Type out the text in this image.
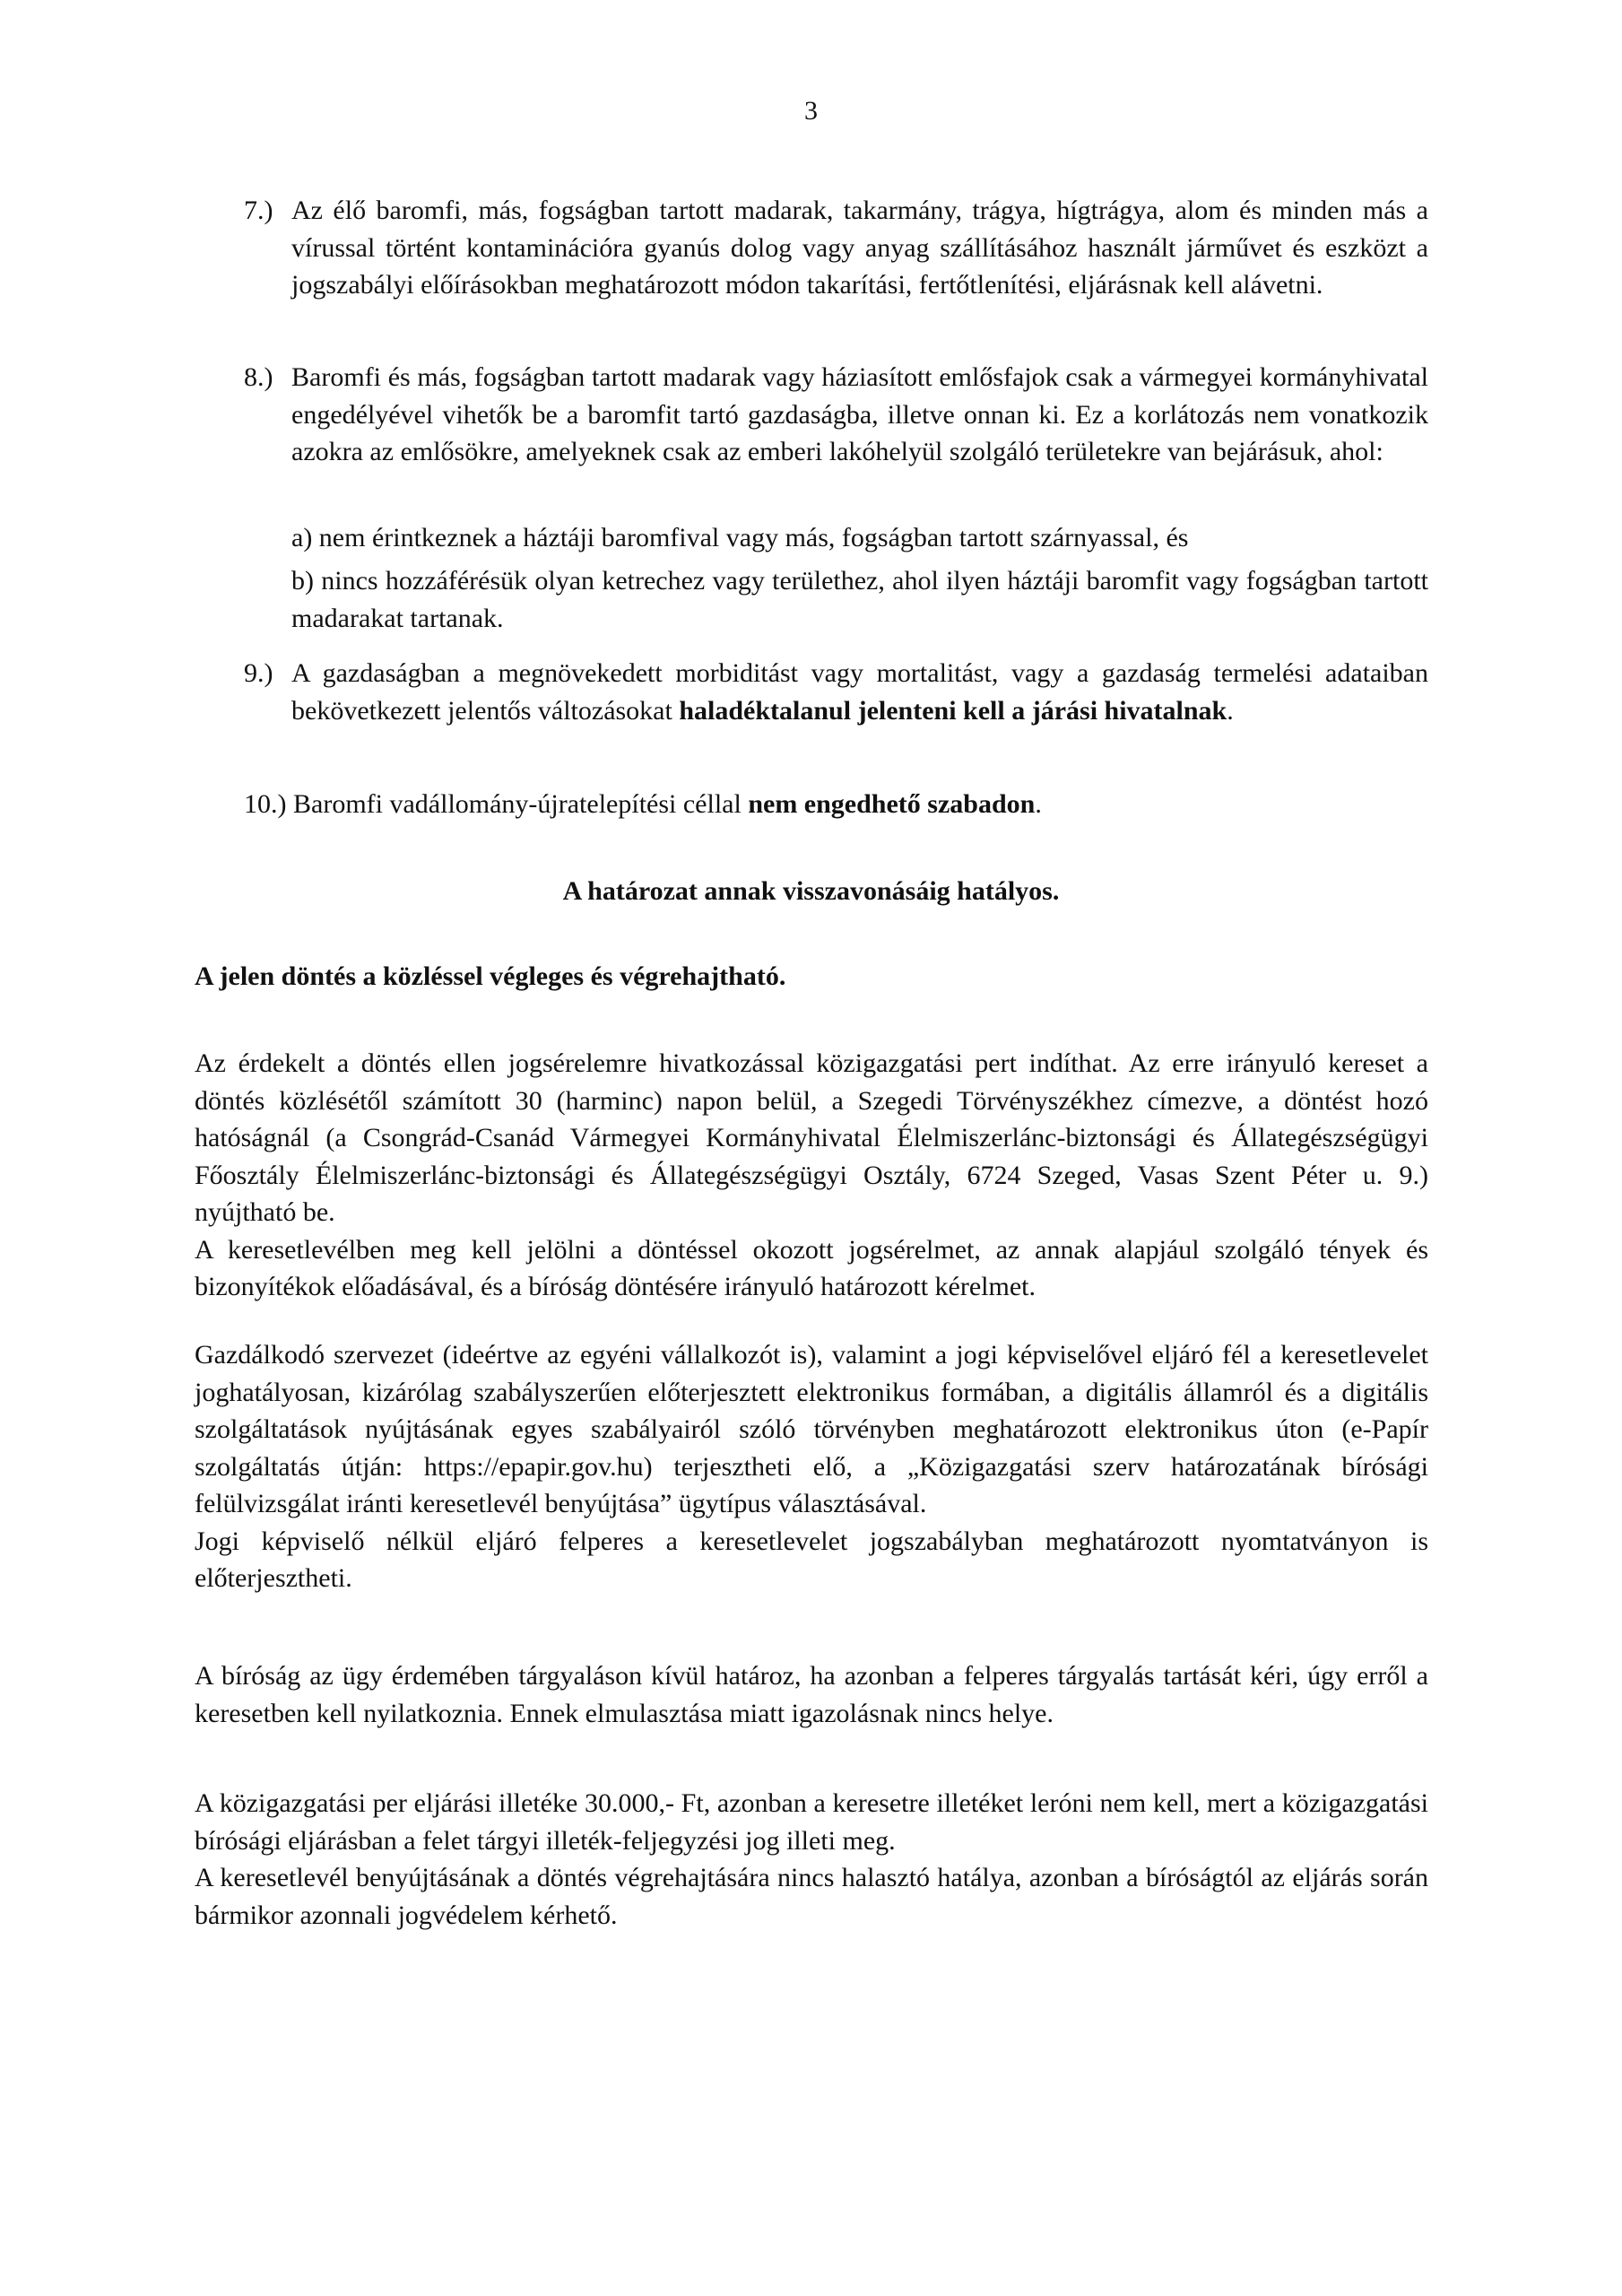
3
7.) Az élő baromfi, más, fogságban tartott madarak, takarmány, trágya, hígtrágya, alom és minden más a vírussal történt kontaminációra gyanús dolog vagy anyag szállításához használt járművet és eszközt a jogszabályi előírásokban meghatározott módon takarítási, fertőtlenítési, eljárásnak kell alávetni.
8.) Baromfi és más, fogságban tartott madarak vagy háziasított emlősfajok csak a vármegyei kormányhivatal engedélyével vihetők be a baromfit tartó gazdaságba, illetve onnan ki. Ez a korlátozás nem vonatkozik azokra az emlősökre, amelyeknek csak az emberi lakóhelyül szolgáló területekre van bejárásuk, ahol:
a) nem érintkeznek a háztáji baromfival vagy más, fogságban tartott szárnyassal, és
b) nincs hozzáférésük olyan ketrechez vagy területhez, ahol ilyen háztáji baromfit vagy fogságban tartott madarakat tartanak.
9.) A gazdaságban a megnövekedett morbiditást vagy mortalitást, vagy a gazdaság termelési adataiban bekövetkezett jelentős változásokat haladéktalanul jelenteni kell a járási hivatalnak.
10.) Baromfi vadállomány-újratelepítési céllal nem engedhető szabadon.
A határozat annak visszavonásáig hatályos.
A jelen döntés a közléssel végleges és végrehajtható.
Az érdekelt a döntés ellen jogsérelemre hivatkozással közigazgatási pert indíthat. Az erre irányuló kereset a döntés közlésétől számított 30 (harminc) napon belül, a Szegedi Törvényszékhez címezve, a döntést hozó hatóságnál (a Csongrád-Csanád Vármegyei Kormányhivatal Élelmiszerlánc-biztonsági és Állategészségügyi Főosztály Élelmiszerlánc-biztonsági és Állategészségügyi Osztály, 6724 Szeged, Vasas Szent Péter u. 9.) nyújtható be.
A keresetlevélben meg kell jelölni a döntéssel okozott jogsérelmet, az annak alapjául szolgáló tények és bizonyítékok előadásával, és a bíróság döntésére irányuló határozott kérelmet.
Gazdálkodó szervezet (ideértve az egyéni vállalkozót is), valamint a jogi képviselővel eljáró fél a keresetlevelet joghatályosan, kizárólag szabályszerűen előterjesztett elektronikus formában, a digitális államról és a digitális szolgáltatások nyújtásának egyes szabályairól szóló törvényben meghatározott elektronikus úton (e-Papír szolgáltatás útján: https://epapir.gov.hu) terjesztheti elő, a „Közigazgatási szerv határozatának bírósági felülvizsgálat iránti keresetlevél benyújtása” ügytípus választásával.
Jogi képviselő nélkül eljáró felperes a keresetlevelet jogszabályban meghatározott nyomtatványon is előterjesztheti.
A bíróság az ügy érdemében tárgyaláson kívül határoz, ha azonban a felperes tárgyalás tartását kéri, úgy erről a keresetben kell nyilatkoznia. Ennek elmulasztása miatt igazolásnak nincs helye.
A közigazgatási per eljárási illetéke 30.000,- Ft, azonban a keresetre illetéket leróni nem kell, mert a közigazgatási bírósági eljárásban a felet tárgyi illeték-feljegyzési jog illeti meg.
A keresetlevél benyújtásának a döntés végrehajtására nincs halasztó hatálya, azonban a bíróságtól az eljárás során bármikor azonnali jogvédelem kérhető.
